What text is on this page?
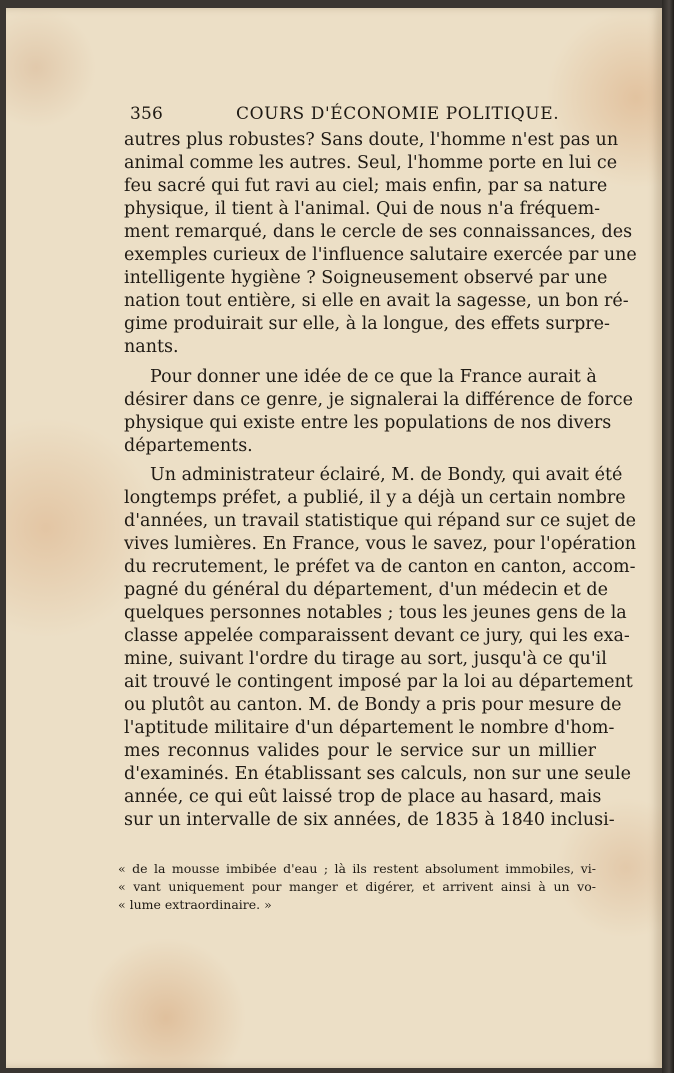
356	COURS D'ÉCONOMIE POLITIQUE.
autres plus robustes? Sans doute, l'homme n'est pas un
animal comme les autres. Seul, l'homme porte en lui ce
feu sacré qui fut ravi au ciel; mais enfin, par sa nature
physique, il tient à l'animal. Qui de nous n'a fréquem-
ment remarqué, dans le cercle de ses connaissances, des
exemples curieux de l'influence salutaire exercée par une
intelligente hygiène ? Soigneusement observé par une
nation tout entière, si elle en avait la sagesse, un bon ré-
gime produirait sur elle, à la longue, des effets surpre-
nants.
Pour donner une idée de ce que la France aurait à
désirer dans ce genre, je signalerai la différence de force
physique qui existe entre les populations de nos divers
départements.
Un administrateur éclairé, M. de Bondy, qui avait été
longtemps préfet, a publié, il y a déjà un certain nombre
d'années, un travail statistique qui répand sur ce sujet de
vives lumières. En France, vous le savez, pour l'opération
du recrutement, le préfet va de canton en canton, accom-
pagné du général du département, d'un médecin et de
quelques personnes notables ; tous les jeunes gens de la
classe appelée comparaissent devant ce jury, qui les exa-
mine, suivant l'ordre du tirage au sort, jusqu'à ce qu'il
ait trouvé le contingent imposé par la loi au département
ou plutôt au canton. M. de Bondy a pris pour mesure de
l'aptitude militaire d'un département le nombre d'hom-
mes reconnus valides pour le service sur un millier
d'examinés. En établissant ses calculs, non sur une seule
année, ce qui eût laissé trop de place au hasard, mais
sur un intervalle de six années, de 1835 à 1840 inclusi-
« de la mousse imbibée d'eau ; là ils restent absolument immobiles, vi-
« vant uniquement pour manger et digérer, et arrivent ainsi à un vo-
« lume extraordinaire. »
